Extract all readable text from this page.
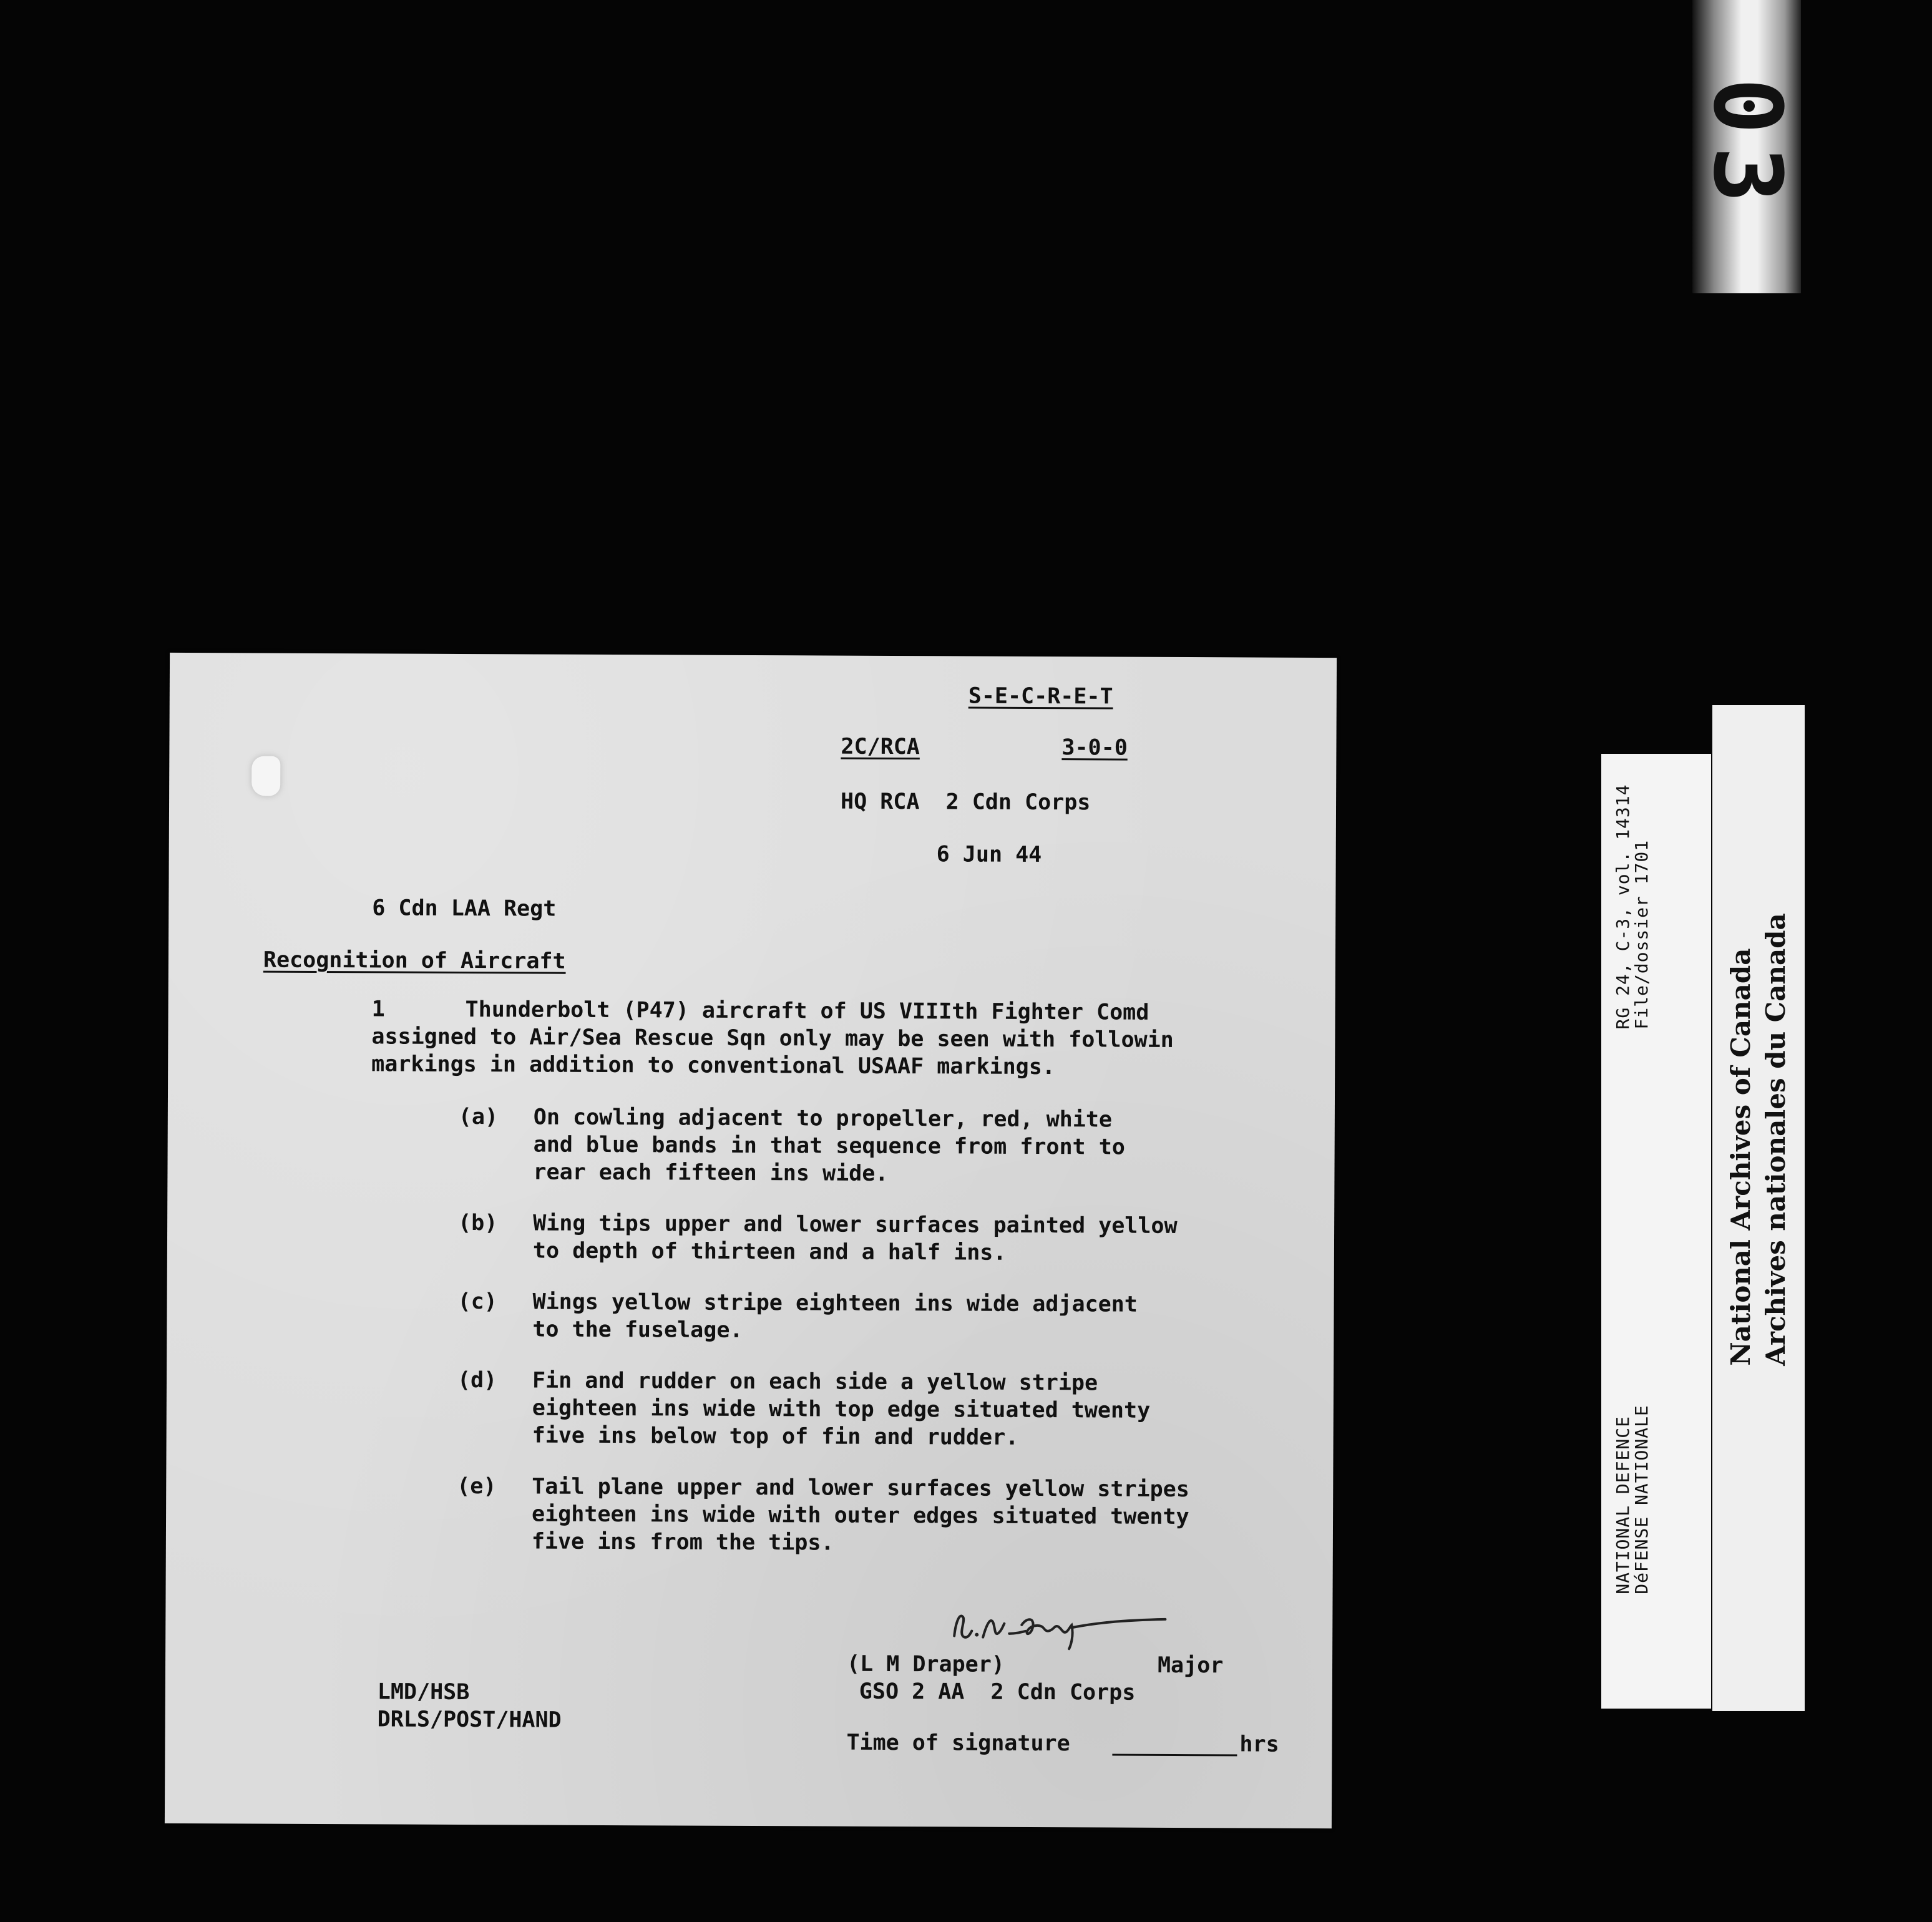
03
S-E-C-R-E-T
2C/RCA	3-0-0
HQ RCA  2 Cdn Corps
6 Jun 44
6 Cdn LAA Regt
Recognition of Aircraft
1	Thunderbolt (P47) aircraft of US VIIIth Fighter Comd
assigned to Air/Sea Rescue Sqn only may be seen with followin
markings in addition to conventional USAAF markings.
(a) On cowling adjacent to propeller, red, white
and blue bands in that sequence from front to
rear each fifteen ins wide.
(b) Wing tips upper and lower surfaces painted yellow
to depth of thirteen and a half ins.
(c) Wings yellow stripe eighteen ins wide adjacent
to the fuselage.
(d) Fin and rudder on each side a yellow stripe
eighteen ins wide with top edge situated twenty
five ins below top of fin and rudder.
(e) Tail plane upper and lower surfaces yellow stripes
eighteen ins wide with outer edges situated twenty
five ins from the tips.
(L M Draper)	Major
GSO 2 AA  2 Cdn Corps
LMD/HSB
DRLS/POST/HAND
Time of signature	hrs
RG 24, C-3, vol. 14314
File/dossier 1701
NATIONAL DEFENCE
DéFENSE NATIONALE
National Archives of Canada Archives nationales du Canada
